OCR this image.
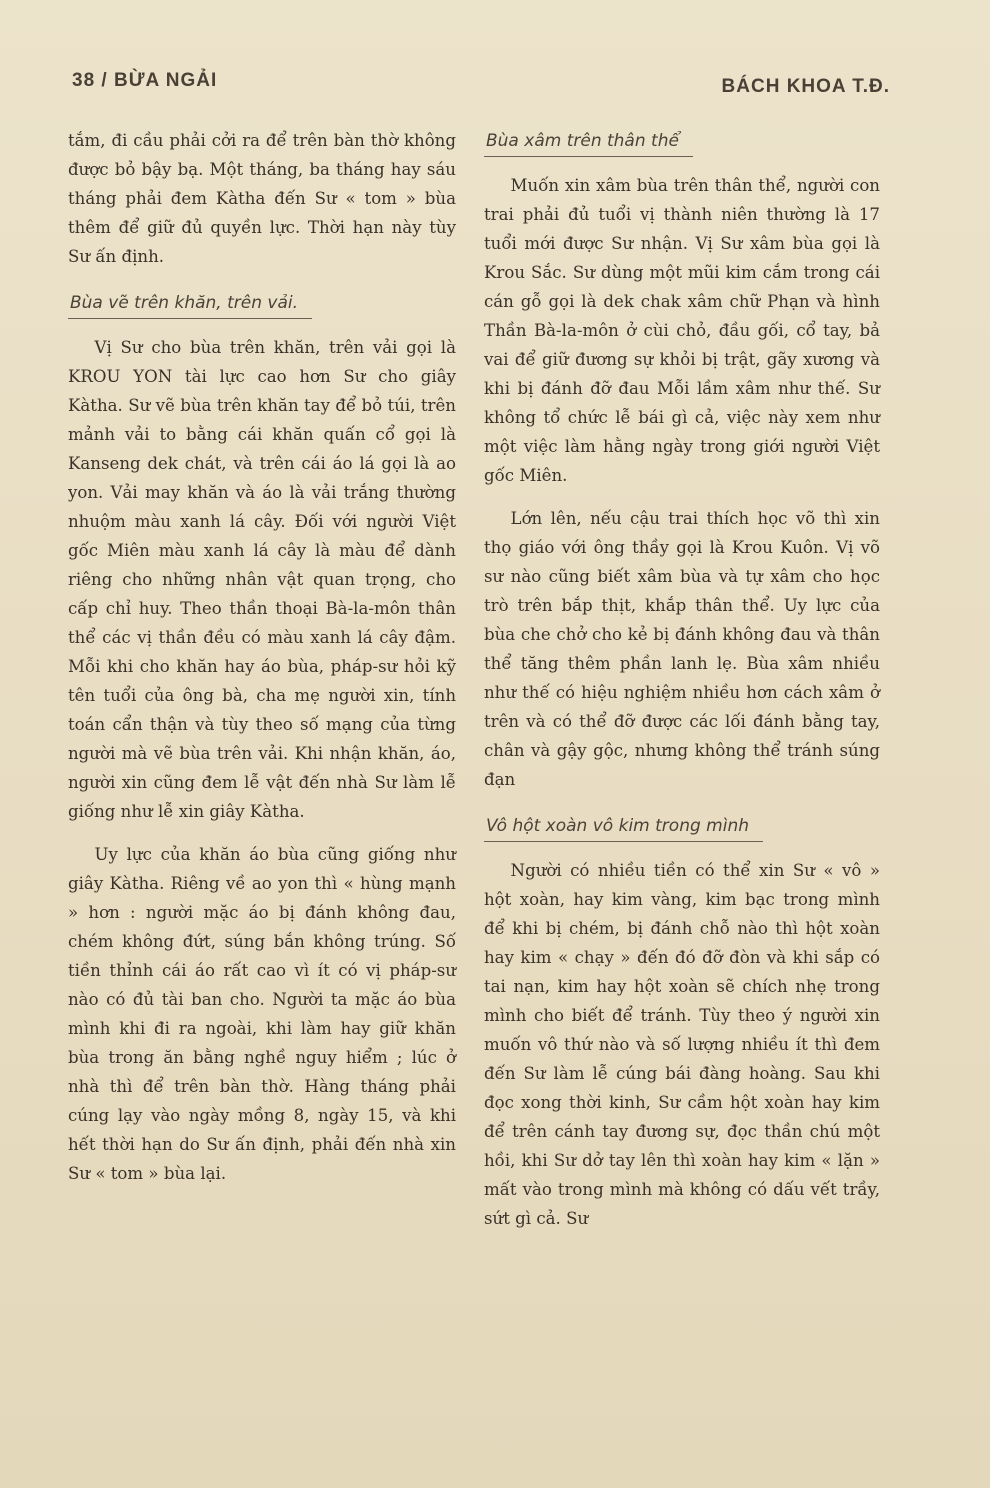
38 / BỪA NGẢI	BÁCH KHOA T.Đ.

tắm, đi cầu phải cởi ra để trên bàn thờ không được bỏ bậy bạ. Một tháng, ba tháng hay sáu tháng phải đem Kàtha đến Sư « tom » bùa thêm để giữ đủ quyền lực. Thời hạn này tùy Sư ấn định.

Bùa vẽ trên khăn, trên vải.

Vị Sư cho bùa trên khăn, trên vải gọi là KROU YON tài lực cao hơn Sư cho giây Kàtha. Sư vẽ bùa trên khăn tay để bỏ túi, trên mảnh vải to bằng cái khăn quấn cổ gọi là Kanseng dek chát, và trên cái áo lá gọi là ao yon. Vải may khăn và áo là vải trắng thường nhuộm màu xanh lá cây. Đối với người Việt gốc Miên màu xanh lá cây là màu để dành riêng cho những nhân vật quan trọng, cho cấp chỉ huy. Theo thần thoại Bà-la-môn thân thể các vị thần đều có màu xanh lá cây đậm. Mỗi khi cho khăn hay áo bùa, pháp-sư hỏi kỹ tên tuổi của ông bà, cha mẹ người xin, tính toán cẩn thận và tùy theo số mạng của từng người mà vẽ bùa trên vải. Khi nhận khăn, áo, người xin cũng đem lễ vật đến nhà Sư làm lễ giống như lễ xin giây Kàtha.

Uy lực của khăn áo bùa cũng giống như giây Kàtha. Riêng về ao yon thì « hùng mạnh » hơn : người mặc áo bị đánh không đau, chém không đứt, súng bắn không trúng. Số tiền thỉnh cái áo rất cao vì ít có vị pháp-sư nào có đủ tài ban cho. Người ta mặc áo bùa mình khi đi ra ngoài, khi làm hay giữ khăn bùa trong ăn bằng nghề nguy hiểm ; lúc ở nhà thì để trên bàn thờ. Hàng tháng phải cúng lạy vào ngày mồng 8, ngày 15, và khi hết thời hạn do Sư ấn định, phải đến nhà xin Sư « tom » bùa lại.

Bùa xâm trên thân thể

Muốn xin xâm bùa trên thân thể, người con trai phải đủ tuổi vị thành niên thường là 17 tuổi mới được Sư nhận. Vị Sư xâm bùa gọi là Krou Sắc. Sư dùng một mũi kim cắm trong cái cán gỗ gọi là dek chak xâm chữ Phạn và hình Thần Bà-la-môn ở cùi chỏ, đầu gối, cổ tay, bả vai để giữ đương sự khỏi bị trật, gãy xương và khi bị đánh đỡ đau Mỗi lầm xâm như thế. Sư không tổ chức lễ bái gì cả, việc này xem như một việc làm hằng ngày trong giới người Việt gốc Miên.

Lớn lên, nếu cậu trai thích học võ thì xin thọ giáo với ông thầy gọi là Krou Kuôn. Vị võ sư nào cũng biết xâm bùa và tự xâm cho học trò trên bắp thịt, khắp thân thể. Uy lực của bùa che chở cho kẻ bị đánh không đau và thân thể tăng thêm phần lanh lẹ. Bùa xâm nhiều như thế có hiệu nghiệm nhiều hơn cách xâm ở trên và có thể đỡ được các lối đánh bằng tay, chân và gậy gộc, nhưng không thể tránh súng đạn

Vô hột xoàn vô kim trong mình

Người có nhiều tiền có thể xin Sư « vô » hột xoàn, hay kim vàng, kim bạc trong mình để khi bị chém, bị đánh chỗ nào thì hột xoàn hay kim « chạy » đến đó đỡ đòn và khi sắp có tai nạn, kim hay hột xoàn sẽ chích nhẹ trong mình cho biết để tránh. Tùy theo ý người xin muốn vô thứ nào và số lượng nhiều ít thì đem đến Sư làm lễ cúng bái đàng hoàng. Sau khi đọc xong thời kinh, Sư cầm hột xoàn hay kim để trên cánh tay đương sự, đọc thần chú một hồi, khi Sư dở tay lên thì xoàn hay kim « lặn » mất vào trong mình mà không có dấu vết trầy, sứt gì cả. Sư
